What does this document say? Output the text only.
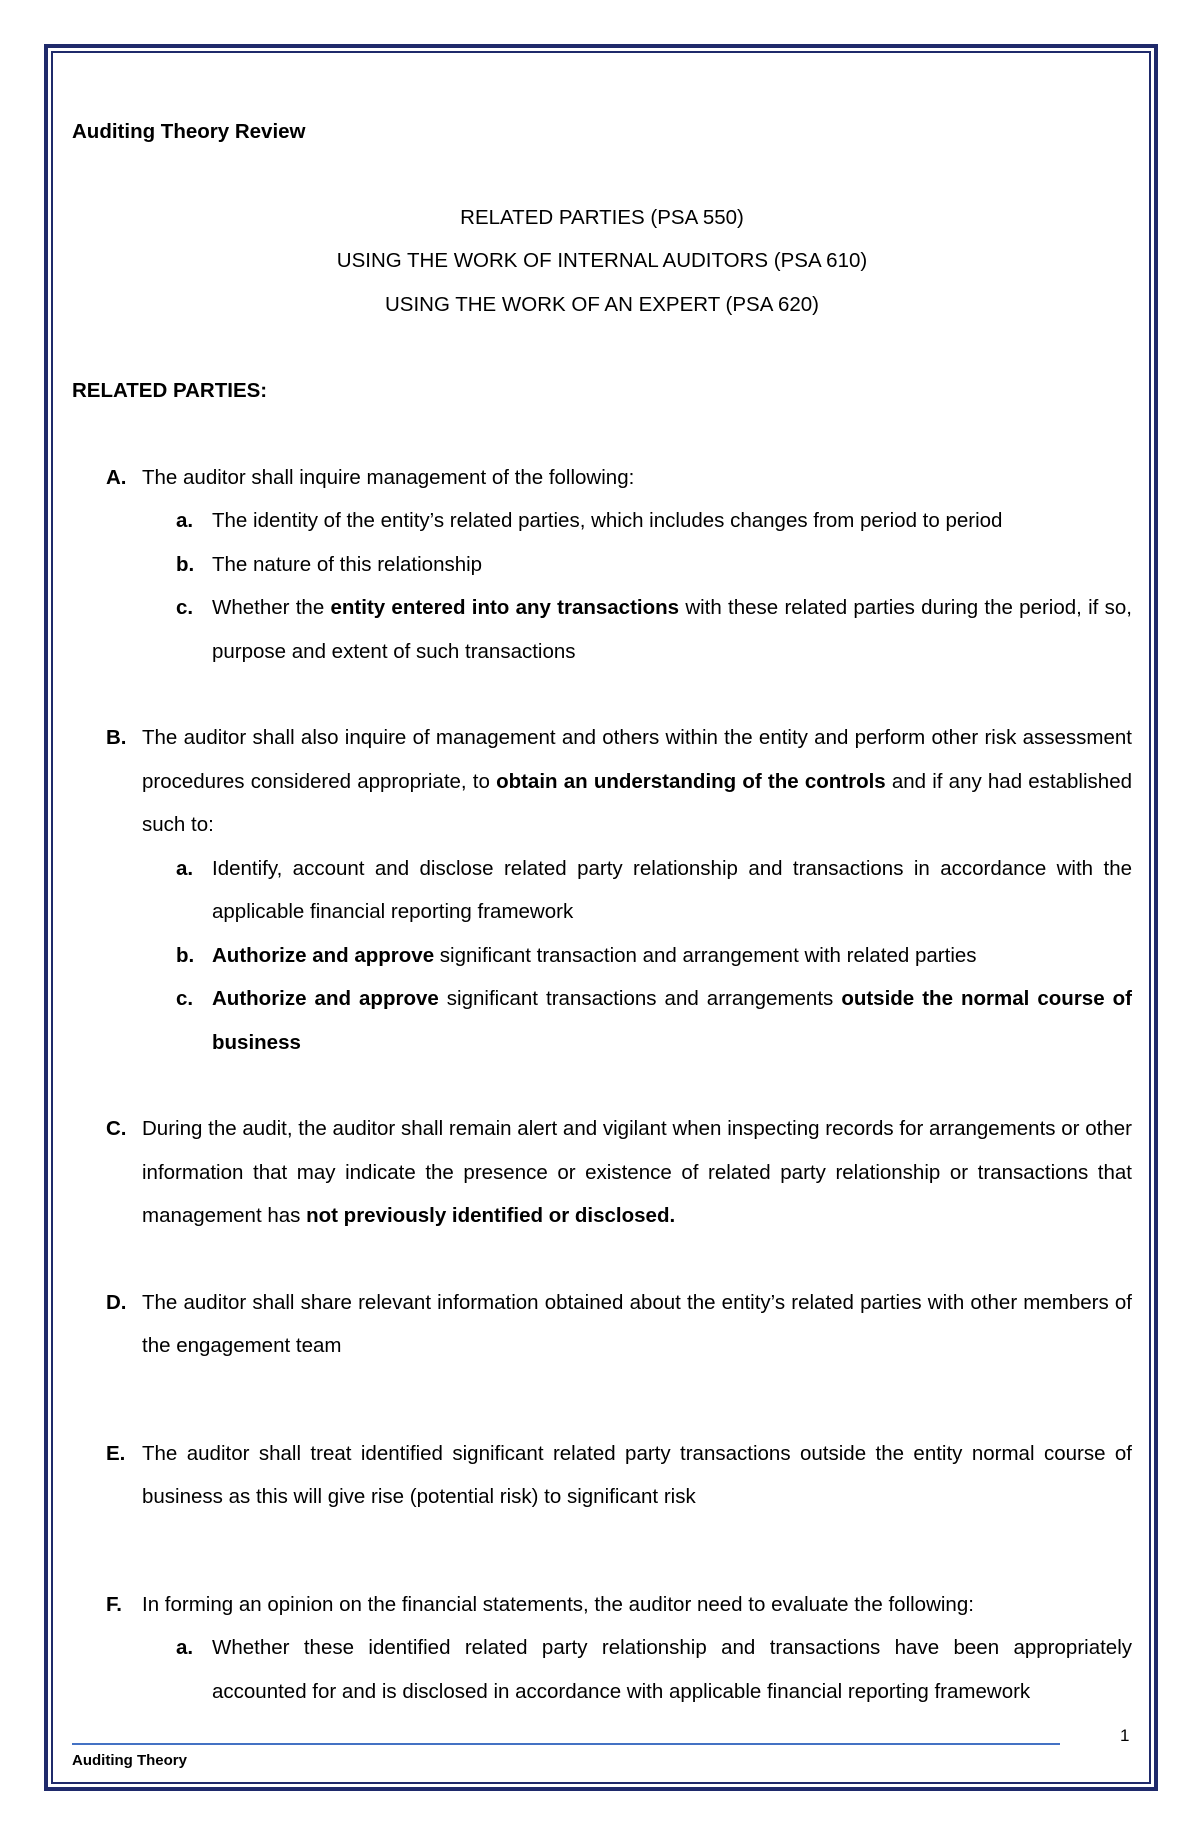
Auditing Theory Review

RELATED PARTIES (PSA 550)

USING THE WORK OF INTERNAL AUDITORS (PSA 610)

USING THE WORK OF AN EXPERT (PSA 620)

RELATED PARTIES:

A. The auditor shall inquire management of the following:
a. The identity of the entity’s related parties, which includes changes from period to period
b. The nature of this relationship
c. Whether the entity entered into any transactions with these related parties during the period, if so, purpose and extent of such transactions
B. The auditor shall also inquire of management and others within the entity and perform other risk assessment procedures considered appropriate, to obtain an understanding of the controls and if any had established such to:
a. Identify, account and disclose related party relationship and transactions in accordance with the applicable financial reporting framework
b. Authorize and approve significant transaction and arrangement with related parties
c. Authorize and approve significant transactions and arrangements outside the normal course of business
C. During the audit, the auditor shall remain alert and vigilant when inspecting records for arrangements or other information that may indicate the presence or existence of related party relationship or transactions that management has not previously identified or disclosed.
D. The auditor shall share relevant information obtained about the entity’s related parties with other members of the engagement team
E. The auditor shall treat identified significant related party transactions outside the entity normal course of business as this will give rise (potential risk) to significant risk
F. In forming an opinion on the financial statements, the auditor need to evaluate the following:
a. Whether these identified related party relationship and transactions have been appropriately accounted for and is disclosed in accordance with applicable financial reporting framework
1
Auditing Theory
